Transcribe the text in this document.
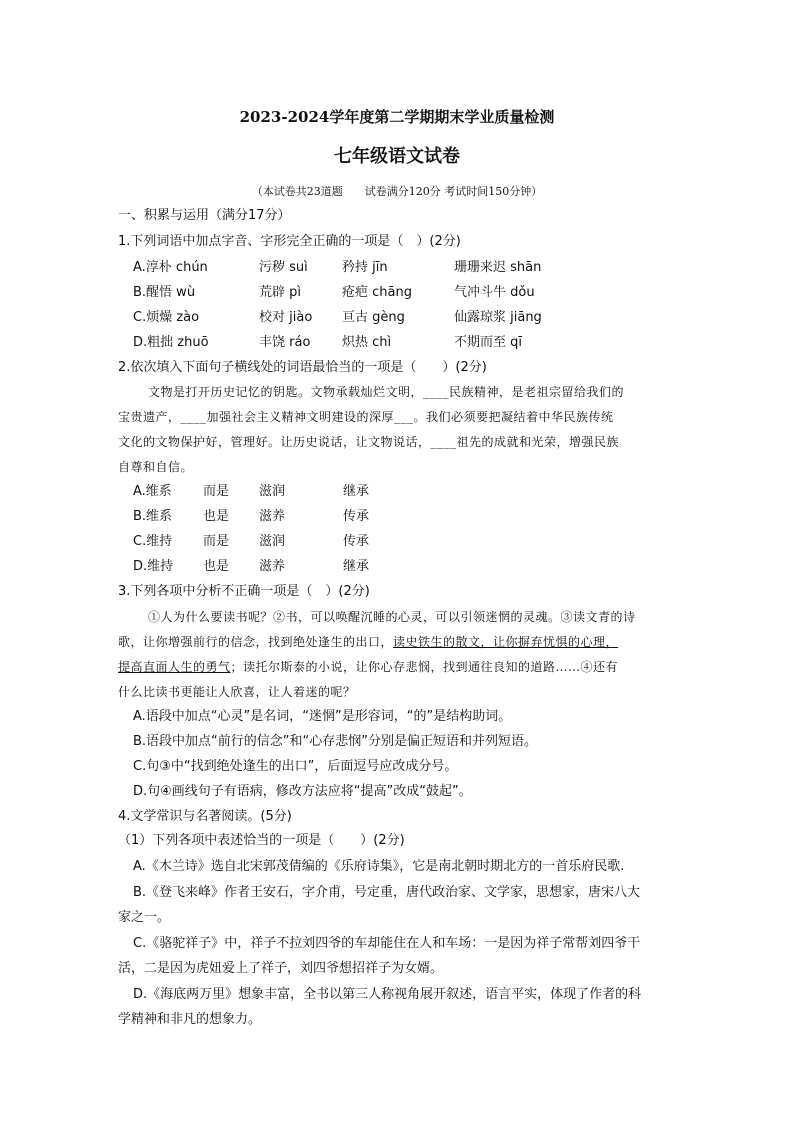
2023-2024学年度第二学期期末学业质量检测
七年级语文试卷
（本试卷共23道题　　试卷满分120分 考试时间150分钟）
一、积累与运用（满分17分）
1.下列词语中加点字音、字形完全正确的一项是（　）(2分)
A.淳朴 chún	污秽 suì	矜持 jīn	珊珊来迟 shān
B.醒悟 wù	荒辟 pì	疮疤 chāng	气冲斗牛 dǒu
C.烦燥 zào	校对 jiào 亘古 gèng	仙露琼浆 jiāng
D.粗拙 zhuō	丰饶 ráo 炽热 chì	不期而至 qī
2.依次填入下面句子横线处的词语最恰当的一项是（　　）(2分)
文物是打开历史记忆的钥匙。文物承载灿烂文明，____民族精神，是老祖宗留给我们的
宝贵遗产，____加强社会主义精神文明建设的深厚___。我们必须要把凝结着中华民族传统
文化的文物保护好，管理好。让历史说话，让文物说话，____祖先的成就和光荣，增强民族
自尊和自信。
A.维系 而是 滋润	继承
B.维系 也是 滋养	传承
C.维持 而是 滋润	传承
D.维持 也是 滋养	继承
3.下列各项中分析不正确一项是（　）(2分)
①人为什么要读书呢？②书，可以唤醒沉睡的心灵，可以引领迷惘的灵魂。③读文青的诗
歌，让你增强前行的信念，找到绝处逢生的出口，读史铁生的散文，让你摒弃忧惧的心理，
提高直面人生的勇气；读托尔斯泰的小说，让你心存悲悯，找到通往良知的道路……④还有
什么比读书更能让人欣喜，让人着迷的呢？
A.语段中加点“心灵”是名词，“迷惘”是形容词，“的”是结构助词。
B.语段中加点“前行的信念”和“心存悲悯”分别是偏正短语和并列短语。
C.句③中“找到绝处逢生的出口”，后面逗号应改成分号。
D.句④画线句子有语病，修改方法应将“提高”改成“鼓起”。
4.文学常识与名著阅读。(5分)
（1）下列各项中表述恰当的一项是（　　）(2分)
A.《木兰诗》选自北宋郭茂倩编的《乐府诗集》，它是南北朝时期北方的一首乐府民歌.
B.《登飞来峰》作者王安石，字介甫，号定重，唐代政治家、文学家，思想家，唐宋八大
家之一。
C.《骆驼祥子》中，祥子不拉刘四爷的车却能住在人和车场：一是因为祥子常帮刘四爷干
活，二是因为虎妞爱上了祥子，刘四爷想招祥子为女婿。
D.《海底两万里》想象丰富，全书以第三人称视角展开叙述，语言平实，体现了作者的科
学精神和非凡的想象力。
